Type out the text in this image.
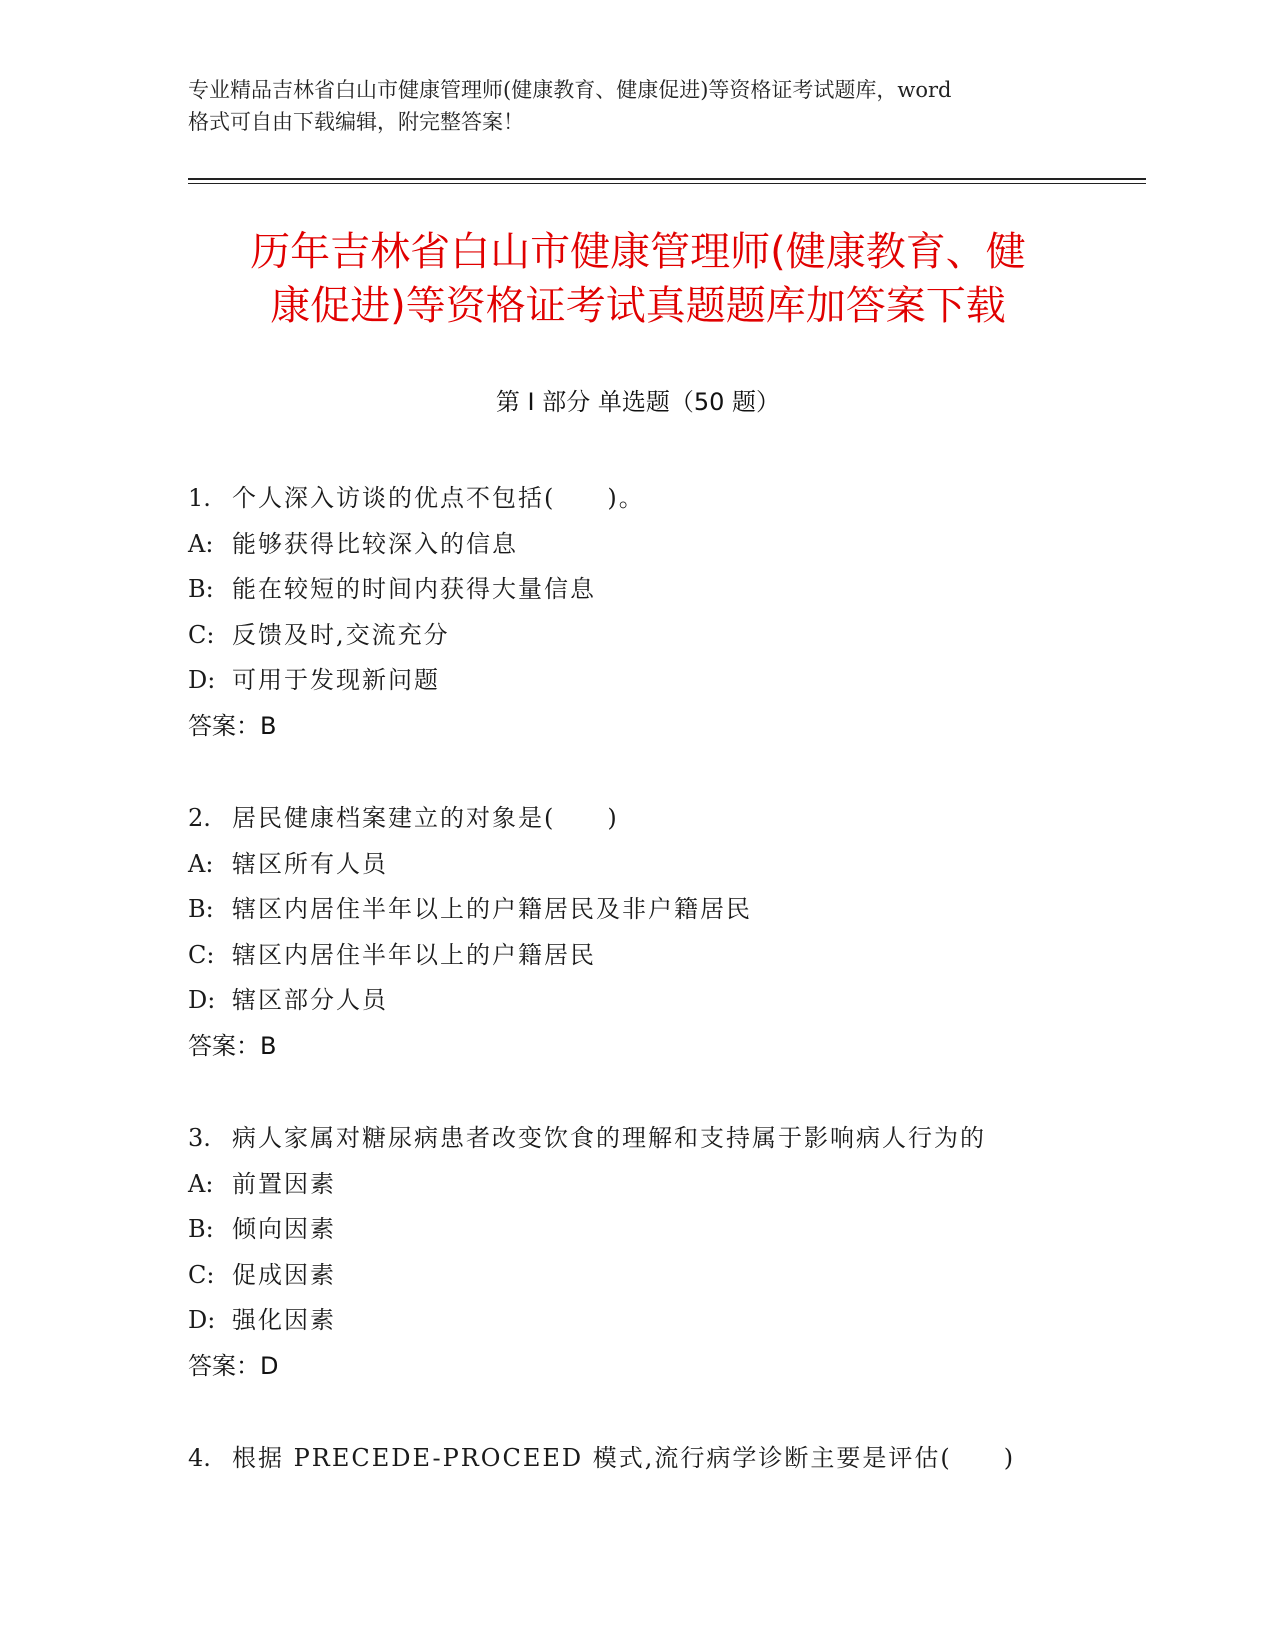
专业精品吉林省白山市健康管理师(健康教育、健康促进)等资格证考试题库，word
格式可自由下载编辑，附完整答案！
历年吉林省白山市健康管理师(健康教育、健
康促进)等资格证考试真题题库加答案下载
第 I 部分 单选题（50 题）
1. 个人深入访谈的优点不包括(　　)。
A: 能够获得比较深入的信息
B: 能在较短的时间内获得大量信息
C: 反馈及时,交流充分
D: 可用于发现新问题
答案：B
2. 居民健康档案建立的对象是(　　)
A: 辖区所有人员
B: 辖区内居住半年以上的户籍居民及非户籍居民
C: 辖区内居住半年以上的户籍居民
D: 辖区部分人员
答案：B
3. 病人家属对糖尿病患者改变饮食的理解和支持属于影响病人行为的
A: 前置因素
B: 倾向因素
C: 促成因素
D: 强化因素
答案：D
4. 根据 PRECEDE-PROCEED 模式,流行病学诊断主要是评估(　　)
